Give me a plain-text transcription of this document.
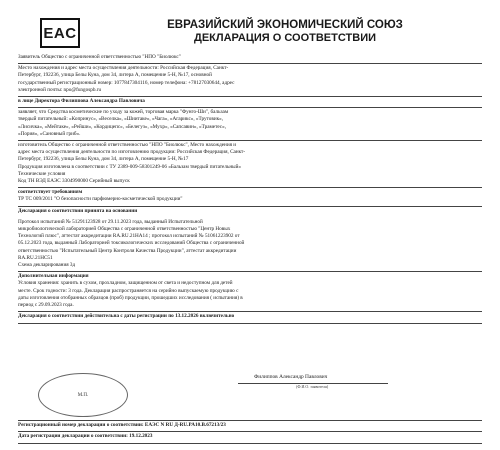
EAC	ЕВРАЗИЙСКИЙ ЭКОНОМИЧЕСКИЙ СОЮЗ
ДЕКЛАРАЦИЯ О СООТВЕТСТВИИ
Заявитель Общество с ограниченной ответственностью "НПО "Биолюкс"
Место нахождения и адрес места осуществления деятельности: Российская Федерация, Санкт-
Петербург, 192236, улица Белы Куна, дом 34, литера А, помещение 5-Н, №17, основной
государственный регистрационный номер: 1077847304116, номер телефона: +78127030644, адрес
электронной почты: npo@fungospb.ru
в лице Директора Филиппова Александра Павловича
заявляет, что Средства косметические по уходу за кожей, торговая марка "Фунго-Ши", бальзам
твердый питательный: «Копринус», «Веселка», «Шиитаке», «Чага», «Агарикс», «Трутовик»,
«Лисичка», «Мейтаке», «Рейши», «Кордицепс», «Белегуз», «Мухр», «Сапсавин», «Траметес»,
«Пория», «Сановный гриб».
изготовитель Общество с ограниченной ответственностью "НПО "Биолюкс", Место нахождения и
адрес места осуществления деятельности по изготовлению продукции: Российская Федерация, Санкт-
Петербург, 192236, улица Белы Куна, дом 34, литера А, помещение 5-Н, №17
Продукция изготовлена в соответствии с ТУ 2389-009-58301249-06 «Бальзам твердый питательный»
Технические условия
Код ТН ВЭД ЕАЭС 3304990000 Серийный выпуск
соответствует требованиям
ТР ТС 009/2011 "О безопасности парфюмерно-косметической продукции"
Декларация о соответствии принята на основании
Протокол испытаний № 51291123928 от 29.11.2023 года, выданный Испытательной
микробиологической лабораторией Общества с ограниченной ответственностью "Центр Новых
Технологий плюс", аттестат аккредитации RA.RU.21НА14 ; протокол испытаний № 51061223902 от
05.12.2023 года, выданный Лабораторией токсикологических исследований Общества с ограниченной
ответственностью "Испытательный Центр Контроля Качества Продукции", аттестат аккредитации
RA.RU.21НС51
Схема декларирования 3д
Дополнительная информация
Условия хранения: хранить в сухом, прохладном, защищенном от света и недоступном для детей
месте. Срок годности: 3 года. Декларация распространяется на серийно выпускаемую продукцию с
даты изготовления отобранных образцов (проб) продукции, прошедших исследования ( испытания) в
период с 29.09.2023 года.
Декларация о соответствии действительна с даты регистрации по 13.12.2026 включительно
М.П.
Филиппов Александр Павлович
(Ф.И.О. заявителя)
Регистрационный номер декларации о соответствии: ЕАЭС N RU Д-RU.PA10.B.67213/23
Дата регистрации декларации о соответствии: 19.12.2023
